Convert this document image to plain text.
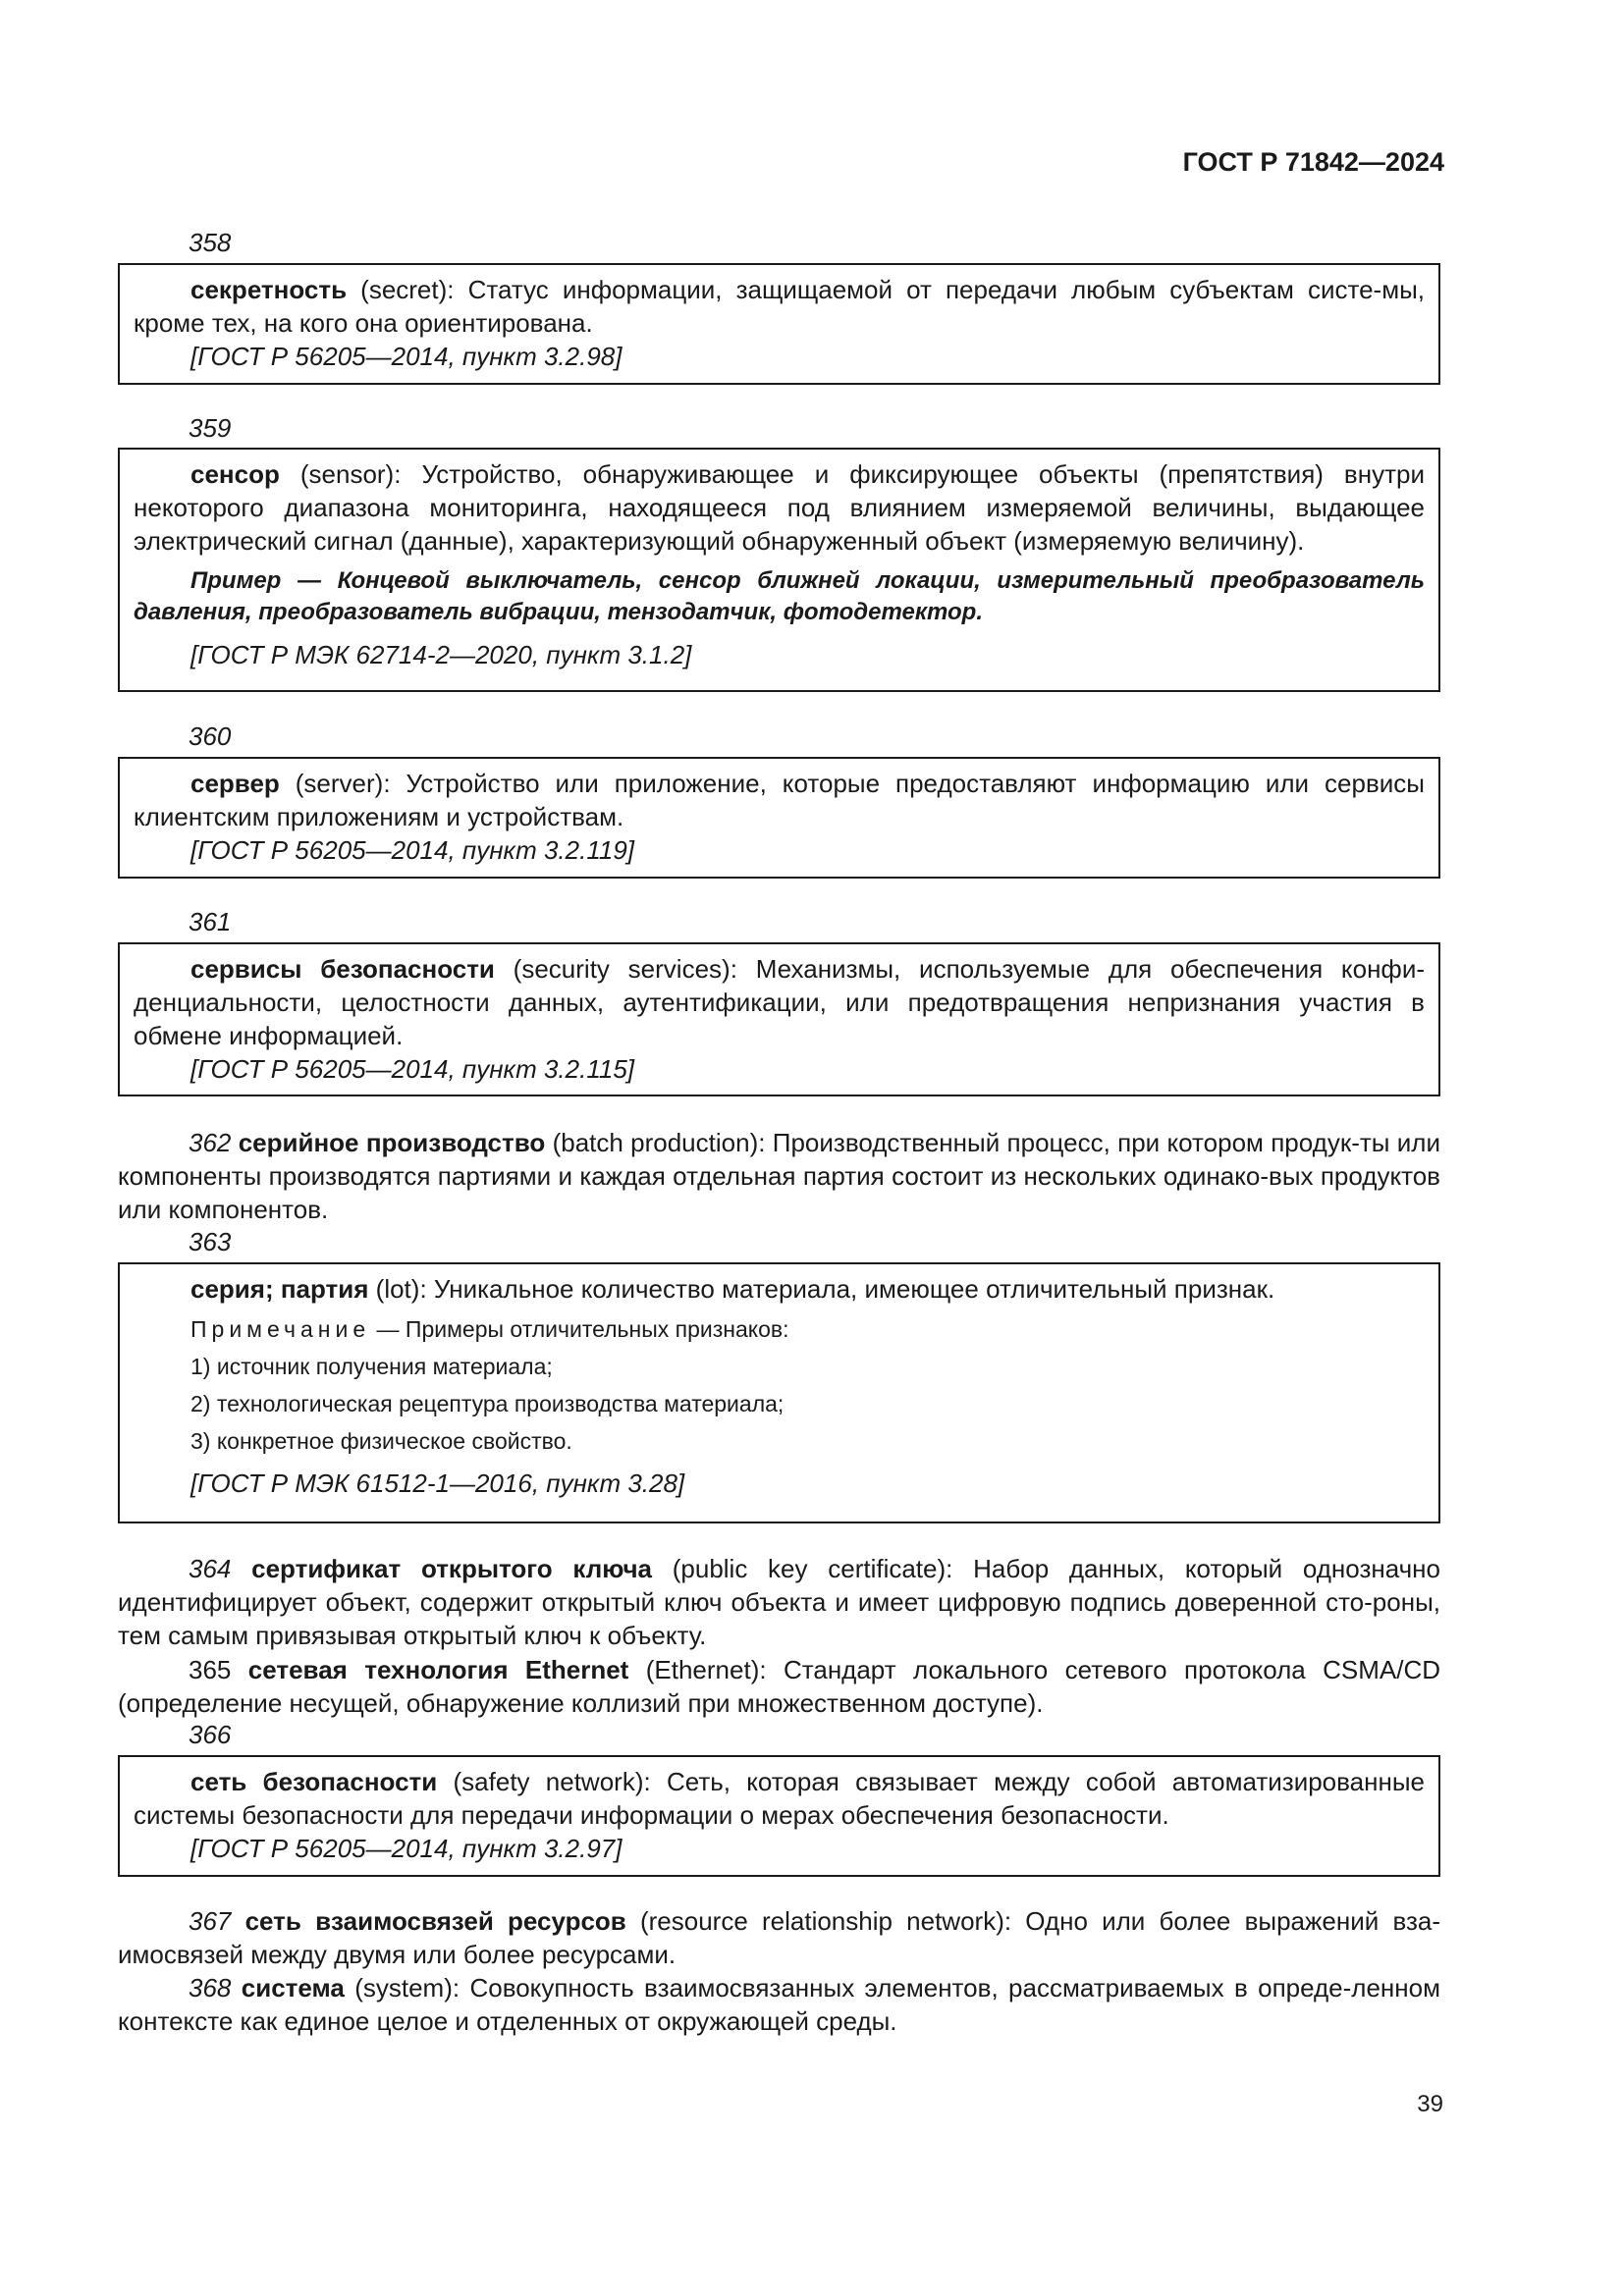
ГОСТ Р 71842—2024
358

секретность (secret): Статус информации, защищаемой от передачи любым субъектам систе-мы, кроме тех, на кого она ориентирована.

[ГОСТ Р 56205—2014, пункт 3.2.98]
359

сенсор (sensor): Устройство, обнаруживающее и фиксирующее объекты (препятствия) внутри некоторого диапазона мониторинга, находящееся под влиянием измеряемой величины, выдающее электрический сигнал (данные), характеризующий обнаруженный объект (измеряемую величину).

Пример — Концевой выключатель, сенсор ближней локации, измерительный преобразователь давления, преобразователь вибрации, тензодатчик, фотодетектор.
[ГОСТ Р МЭК 62714-2—2020, пункт 3.1.2]
360

сервер (server): Устройство или приложение, которые предоставляют информацию или сервисы клиентским приложениям и устройствам.

[ГОСТ Р 56205—2014, пункт 3.2.119]
361

сервисы безопасности (security services): Механизмы, используемые для обеспечения конфи-денциальности, целостности данных, аутентификации, или предотвращения непризнания участия в обмене информацией.

[ГОСТ Р 56205—2014, пункт 3.2.115]
362 серийное производство (batch production): Производственный процесс, при котором продук-ты или компоненты производятся партиями и каждая отдельная партия состоит из нескольких одинако-вых продуктов или компонентов.
363

серия; партия (lot): Уникальное количество материала, имеющее отличительный признак.

Примечание — Примеры отличительных признаков:
1) источник получения материала;
2) технологическая рецептура производства материала;
3) конкретное физическое свойство.
[ГОСТ Р МЭК 61512-1—2016, пункт 3.28]
364 сертификат открытого ключа (public key certificate): Набор данных, который однозначно идентифицирует объект, содержит открытый ключ объекта и имеет цифровую подпись доверенной сто-роны, тем самым привязывая открытый ключ к объекту.
365 сетевая технология Ethernet (Ethernet): Стандарт локального сетевого протокола CSMA/CD (определение несущей, обнаружение коллизий при множественном доступе).
366

сеть безопасности (safety network): Сеть, которая связывает между собой автоматизированные системы безопасности для передачи информации о мерах обеспечения безопасности.

[ГОСТ Р 56205—2014, пункт 3.2.97]
367 сеть взаимосвязей ресурсов (resource relationship network): Одно или более выражений вза-имосвязей между двумя или более ресурсами.
368 система (system): Совокупность взаимосвязанных элементов, рассматриваемых в опреде-ленном контексте как единое целое и отделенных от окружающей среды.
39
